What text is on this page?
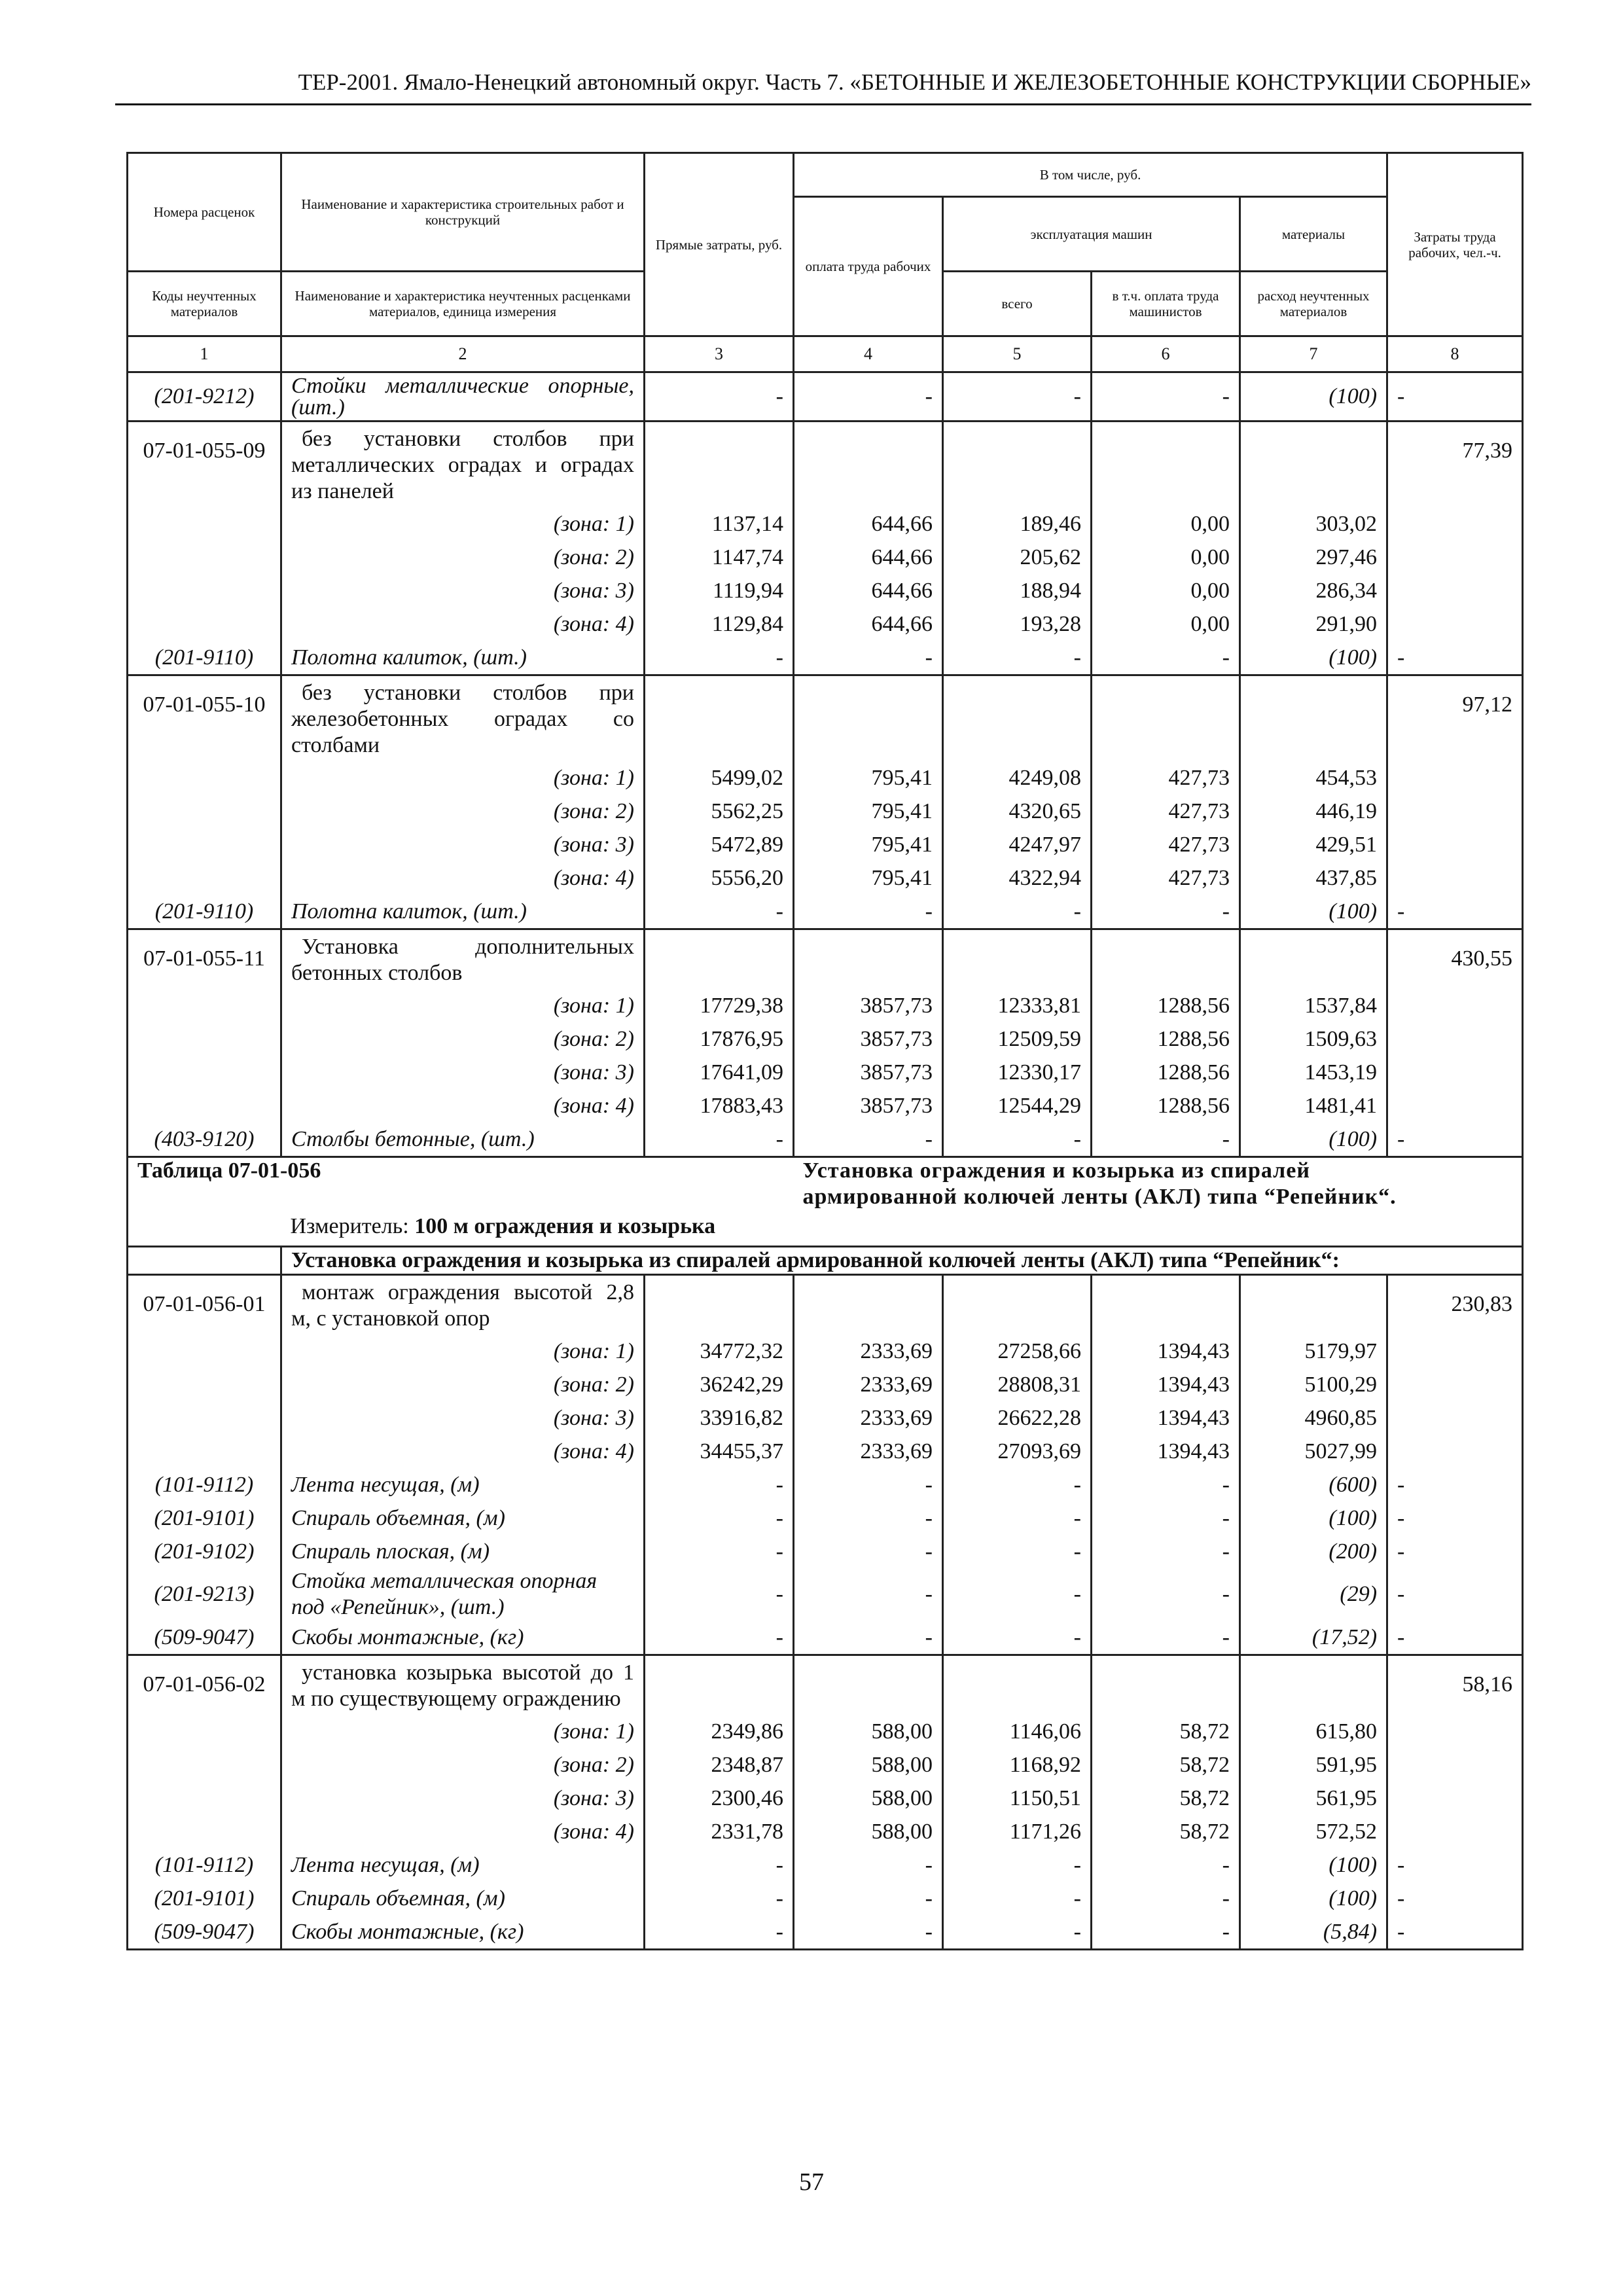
ТЕР-2001. Ямало-Ненецкий автономный округ. Часть 7. «БЕТОННЫЕ И ЖЕЛЕЗОБЕТОННЫЕ КОНСТРУКЦИИ СБОРНЫЕ»
Номера расценок	Наименование и характеристика строительных работ и конструкций	Прямые затраты, руб.	В том числе, руб.				Затраты труда рабочих, чел.-ч.
			оплата труда рабочих	эксплуатация машин		материалы	
Коды неучтенных материалов	Наименование и характеристика неучтенных расценками материалов, единица измерения			всего	в т.ч. оплата труда машинистов	расход неучтенных материалов	
1	2	3	4	5	6	7	8
(201-9212)	Стойки металлические опорные, (шт.)	-	-	-	-	(100)	-
07-01-055-09	без установки столбов при металлических оградах и оградах из панелей						77,39
	(зона: 1)	1137,14	644,66	189,46	0,00	303,02	
	(зона: 2)	1147,74	644,66	205,62	0,00	297,46	
	(зона: 3)	1119,94	644,66	188,94	0,00	286,34	
	(зона: 4)	1129,84	644,66	193,28	0,00	291,90	
(201-9110)	Полотна калиток, (шт.)	-	-	-	-	(100)	-
07-01-055-10	без установки столбов при железобетонных оградах со столбами						97,12
	(зона: 1)	5499,02	795,41	4249,08	427,73	454,53	
	(зона: 2)	5562,25	795,41	4320,65	427,73	446,19	
	(зона: 3)	5472,89	795,41	4247,97	427,73	429,51	
	(зона: 4)	5556,20	795,41	4322,94	427,73	437,85	
(201-9110)	Полотна калиток, (шт.)	-	-	-	-	(100)	-
07-01-055-11	Установка дополнительных бетонных столбов						430,55
	(зона: 1)	17729,38	3857,73	12333,81	1288,56	1537,84	
	(зона: 2)	17876,95	3857,73	12509,59	1288,56	1509,63	
	(зона: 3)	17641,09	3857,73	12330,17	1288,56	1453,19	
	(зона: 4)	17883,43	3857,73	12544,29	1288,56	1481,41	
(403-9120)	Столбы бетонные, (шт.)	-	-	-	-	(100)	-
Таблица 07-01-056			Установка ограждения и козырька из спиралей армированной колючей ленты (АКЛ) типа “Репейник“.				
	Измеритель: 100 м ограждения и козырька						
	Установка ограждения и козырька из спиралей армированной колючей ленты (АКЛ) типа “Репейник“:						
07-01-056-01	монтаж ограждения высотой 2,8 м, с установкой опор						230,83
	(зона: 1)	34772,32	2333,69	27258,66	1394,43	5179,97	
	(зона: 2)	36242,29	2333,69	28808,31	1394,43	5100,29	
	(зона: 3)	33916,82	2333,69	26622,28	1394,43	4960,85	
	(зона: 4)	34455,37	2333,69	27093,69	1394,43	5027,99	
(101-9112)	Лента несущая, (м)	-	-	-	-	(600)	-
(201-9101)	Спираль объемная, (м)	-	-	-	-	(100)	-
(201-9102)	Спираль плоская, (м)	-	-	-	-	(200)	-
(201-9213)	Стойка металлическая опорная под «Репейник», (шт.)	-	-	-	-	(29)	-
(509-9047)	Скобы монтажные, (кг)	-	-	-	-	(17,52)	-
07-01-056-02	установка козырька высотой до 1 м по существующему ограждению						58,16
	(зона: 1)	2349,86	588,00	1146,06	58,72	615,80	
	(зона: 2)	2348,87	588,00	1168,92	58,72	591,95	
	(зона: 3)	2300,46	588,00	1150,51	58,72	561,95	
	(зона: 4)	2331,78	588,00	1171,26	58,72	572,52	
(101-9112)	Лента несущая, (м)	-	-	-	-	(100)	-
(201-9101)	Спираль объемная, (м)	-	-	-	-	(100)	-
(509-9047)	Скобы монтажные, (кг)	-	-	-	-	(5,84)	-
57
